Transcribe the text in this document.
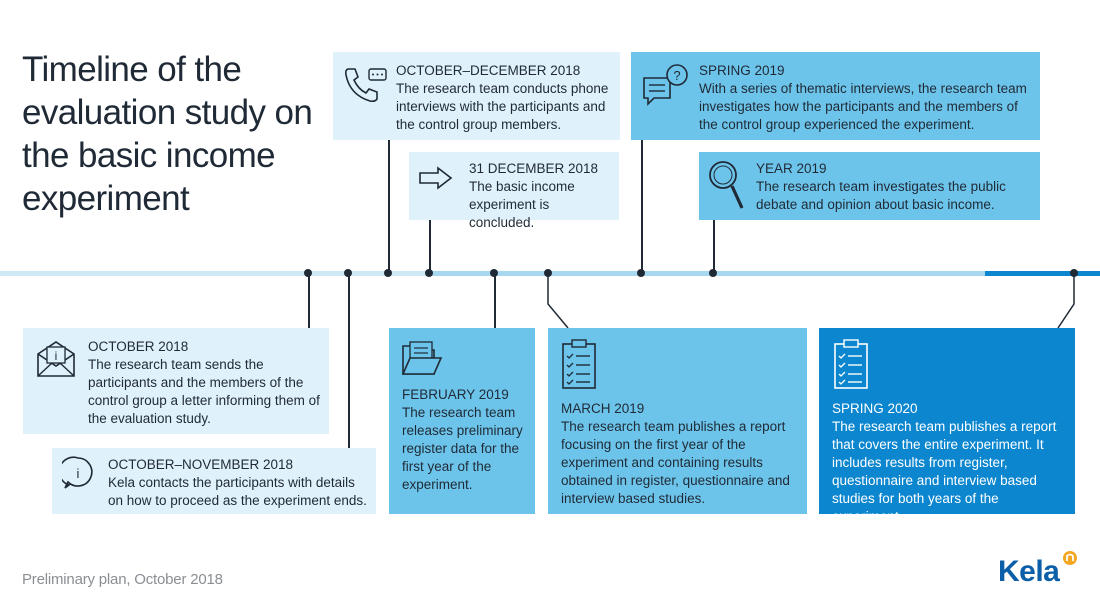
Timeline of the evaluation study on the basic income experiment
OCTOBER–DECEMBER 2018
The research team conducts phone interviews with the participants and the control group members.
31 DECEMBER 2018
The basic income experiment is concluded.
SPRING 2019
With a series of thematic interviews, the research team investigates how the participants and the members of the control group experienced the experiment.
?
YEAR 2019
The research team investigates the public debate and opinion about basic income.
OCTOBER 2018
The research team sends the participants and the members of the control group a letter informing them of the evaluation study.
i
OCTOBER–NOVEMBER 2018
Kela contacts the participants with details on how to proceed as the experiment ends.
i
FEBRUARY 2019
The research team releases preliminary register data for the first year of the experiment.
MARCH 2019
The research team publishes a report focusing on the first year of the experiment and containing results obtained in register, questionnaire and interview based studies.
SPRING 2020
The research team publishes a report that covers the entire experiment. It includes results from register, questionnaire and interview based studies for both years of the experiment.
Preliminary plan, October 2018	Kela
